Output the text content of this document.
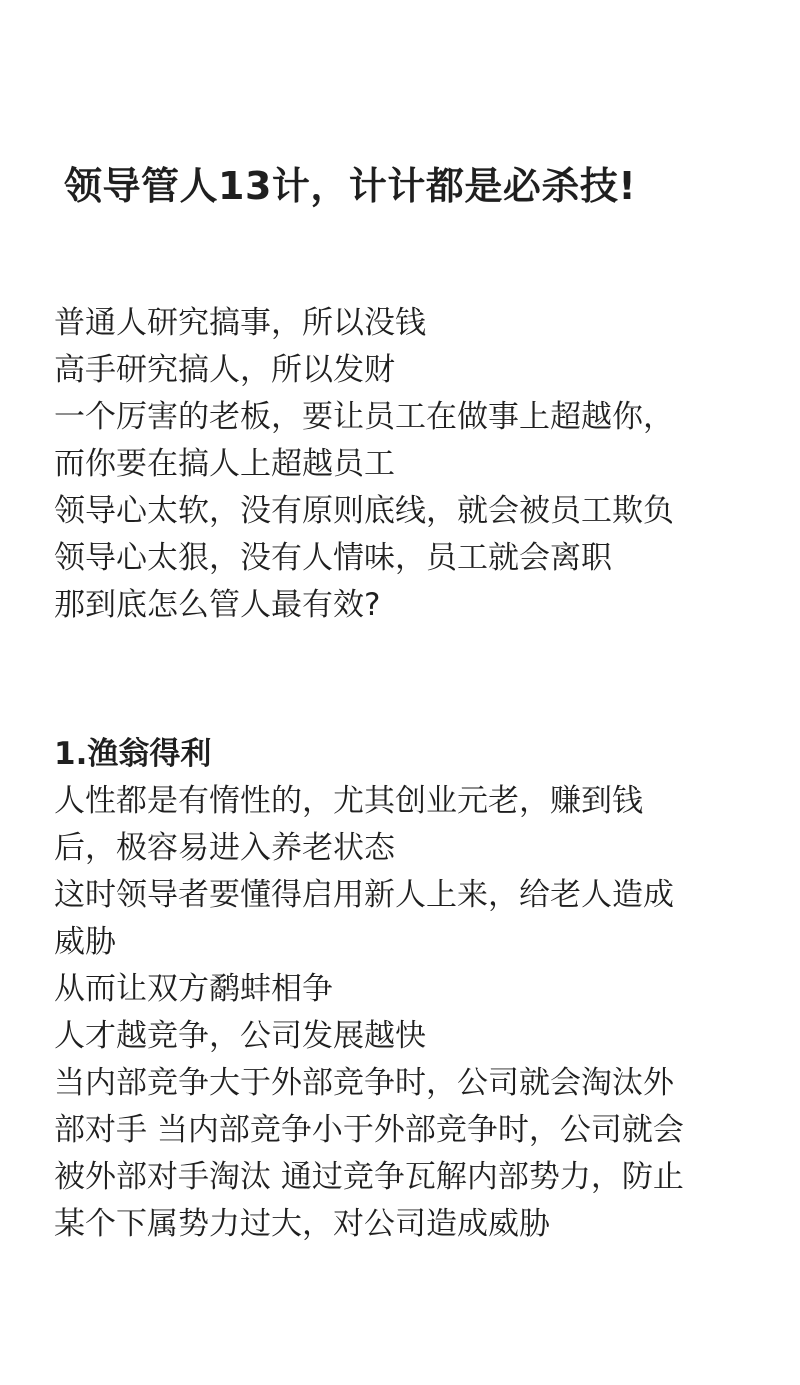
领导管人13计，计计都是必杀技!
普通人研究搞事，所以没钱
高手研究搞人，所以发财
一个厉害的老板，要让员工在做事上超越你，
而你要在搞人上超越员工
领导心太软，没有原则底线，就会被员工欺负
领导心太狠，没有人情味，员工就会离职
那到底怎么管人最有效?
1.渔翁得利
人性都是有惰性的，尤其创业元老，赚到钱
后，极容易进入养老状态
这时领导者要懂得启用新人上来，给老人造成
威胁
从而让双方鹬蚌相争
人才越竞争，公司发展越快
当内部竞争大于外部竞争时，公司就会淘汰外
部对手 当内部竞争小于外部竞争时，公司就会
被外部对手淘汰 通过竞争瓦解内部势力，防止
某个下属势力过大，对公司造成威胁
